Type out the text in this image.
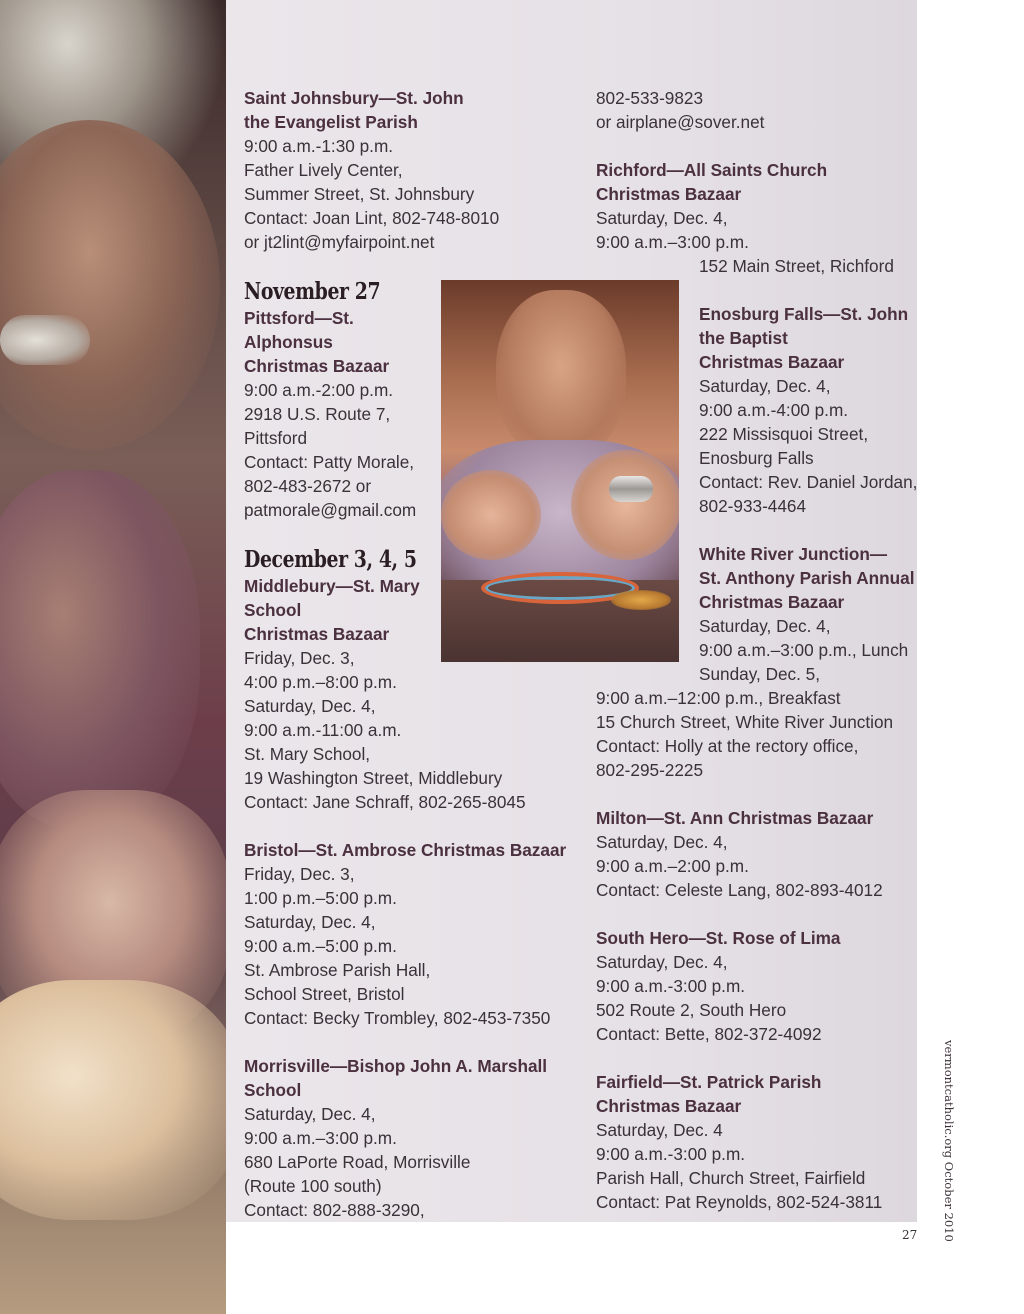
Saint Johnsbury—St. John
the Evangelist Parish
9:00 a.m.-1:30 p.m.
Father Lively Center,
Summer Street, St. Johnsbury
Contact: Joan Lint, 802-748-8010
or jt2lint@myfairpoint.net
November 27
Pittsford—St.
Alphonsus
Christmas Bazaar
9:00 a.m.-2:00 p.m.
2918 U.S. Route 7,
Pittsford
Contact: Patty Morale,
802-483-2672 or
patmorale@gmail.com
December 3, 4, 5
Middlebury—St. Mary
School
Christmas Bazaar
Friday, Dec. 3,
4:00 p.m.–8:00 p.m.
Saturday, Dec. 4,
9:00 a.m.-11:00 a.m.
St. Mary School,
19 Washington Street, Middlebury
Contact: Jane Schraff, 802-265-8045
Bristol—St. Ambrose Christmas Bazaar
Friday, Dec. 3,
1:00 p.m.–5:00 p.m.
Saturday, Dec. 4,
9:00 a.m.–5:00 p.m.
St. Ambrose Parish Hall,
School Street, Bristol
Contact: Becky Trombley, 802-453-7350
Morrisville—Bishop John A. Marshall
School
Saturday, Dec. 4,
9:00 a.m.–3:00 p.m.
680 LaPorte Road, Morrisville
(Route 100 south)
Contact: 802-888-3290,
802-533-9823
or airplane@sover.net
Richford—All Saints Church
Christmas Bazaar
Saturday, Dec. 4,
9:00 a.m.–3:00 p.m.
152 Main Street, Richford
Enosburg Falls—St. John
the Baptist
Christmas Bazaar
Saturday, Dec. 4,
9:00 a.m.-4:00 p.m.
222 Missisquoi Street,
Enosburg Falls
Contact: Rev. Daniel Jordan,
802-933-4464
White River Junction—
St. Anthony Parish Annual
Christmas Bazaar
Saturday, Dec. 4,
9:00 a.m.–3:00 p.m., Lunch
Sunday, Dec. 5,
9:00 a.m.–12:00 p.m., Breakfast
15 Church Street, White River Junction
Contact: Holly at the rectory office,
802-295-2225
Milton—St. Ann Christmas Bazaar
Saturday, Dec. 4,
9:00 a.m.–2:00 p.m.
Contact: Celeste Lang, 802-893-4012
South Hero—St. Rose of Lima
Saturday, Dec. 4,
9:00 a.m.-3:00 p.m.
502 Route 2, South Hero
Contact: Bette, 802-372-4092
Fairfield—St. Patrick Parish
Christmas Bazaar
Saturday, Dec. 4
9:00 a.m.-3:00 p.m.
Parish Hall, Church Street, Fairfield
Contact: Pat Reynolds, 802-524-3811	vermontcatholic.org October 2010
27
